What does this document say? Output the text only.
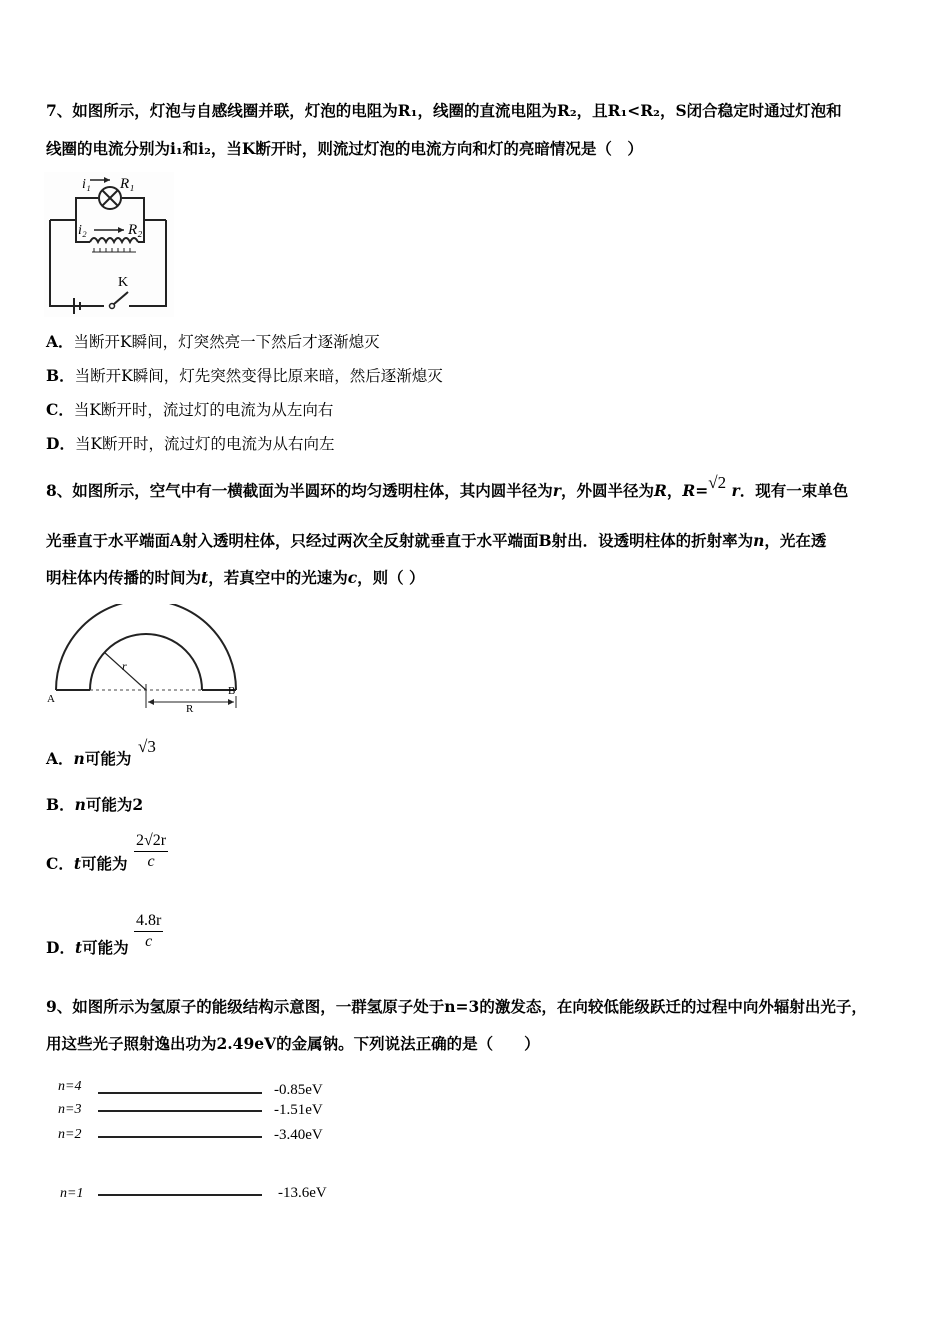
7、如图所示，灯泡与自感线圈并联，灯泡的电阻为R₁，线圈的直流电阻为R₂，且R₁<R₂，S闭合稳定时通过灯泡和
线圈的电流分别为i₁和i₂，当K断开时，则流过灯泡的电流方向和灯的亮暗情况是（　）
i₁ R₁
i₂	R₂
K
A．当断开K瞬间，灯突然亮一下然后才逐渐熄灭
B．当断开K瞬间，灯先突然变得比原来暗，然后逐渐熄灭
C．当K断开时，流过灯的电流为从左向右
D．当K断开时，流过灯的电流为从右向左
8、如图所示，空气中有一横截面为半圆环的均匀透明柱体，其内圆半径为r，外圆半径为R，R=√2 r．现有一束单色
光垂直于水平端面A射入透明柱体，只经过两次全反射就垂直于水平端面B射出．设透明柱体的折射率为n，光在透
明柱体内传播的时间为t，若真空中的光速为c，则（ ）
r
R
A
B
A．n可能为
√3
B．n可能为2
C．t可能为
2√2r
c
D．t可能为
4.8r
c
9、如图所示为氢原子的能级结构示意图，一群氢原子处于n=3的激发态，在向较低能级跃迁的过程中向外辐射出光子，
用这些光子照射逸出功为2.49eV的金属钠。下列说法正确的是（　　）
n=4	-0.85eV
n=3	-1.51eV
n=2	-3.40eV
n=1	-13.6eV
